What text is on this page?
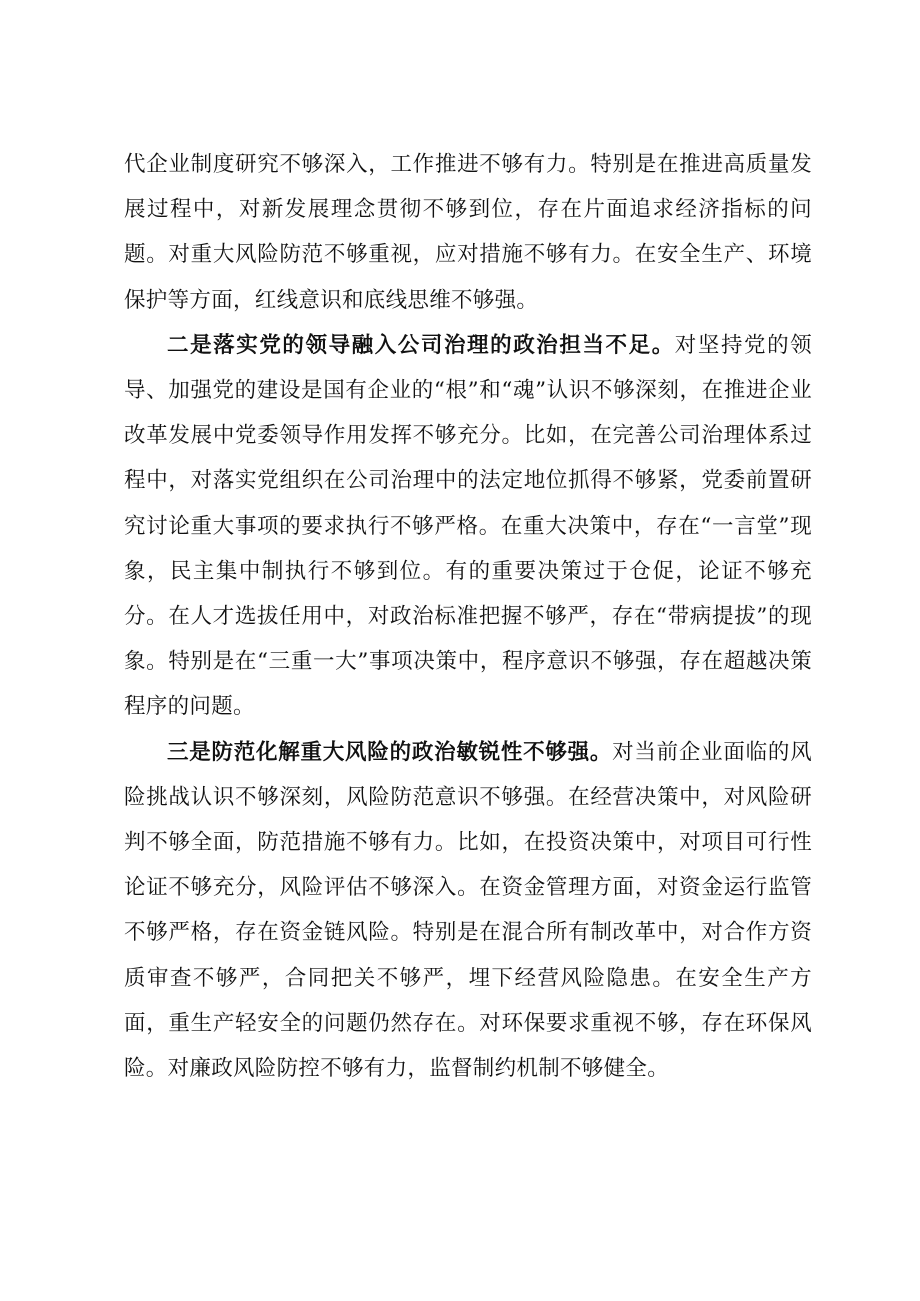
代企业制度研究不够深入，工作推进不够有力。特别是在推进高质量发展过程中，对新发展理念贯彻不够到位，存在片面追求经济指标的问题。对重大风险防范不够重视，应对措施不够有力。在安全生产、环境保护等方面，红线意识和底线思维不够强。

二是落实党的领导融入公司治理的政治担当不足。对坚持党的领导、加强党的建设是国有企业的“根”和“魂”认识不够深刻，在推进企业改革发展中党委领导作用发挥不够充分。比如，在完善公司治理体系过程中，对落实党组织在公司治理中的法定地位抓得不够紧，党委前置研究讨论重大事项的要求执行不够严格。在重大决策中，存在“一言堂”现象，民主集中制执行不够到位。有的重要决策过于仓促，论证不够充分。在人才选拔任用中，对政治标准把握不够严，存在“带病提拔”的现象。特别是在“三重一大”事项决策中，程序意识不够强，存在超越决策程序的问题。

三是防范化解重大风险的政治敏锐性不够强。对当前企业面临的风险挑战认识不够深刻，风险防范意识不够强。在经营决策中，对风险研判不够全面，防范措施不够有力。比如，在投资决策中，对项目可行性论证不够充分，风险评估不够深入。在资金管理方面，对资金运行监管不够严格，存在资金链风险。特别是在混合所有制改革中，对合作方资质审查不够严，合同把关不够严，埋下经营风险隐患。在安全生产方面，重生产轻安全的问题仍然存在。对环保要求重视不够，存在环保风险。对廉政风险防控不够有力，监督制约机制不够健全。
